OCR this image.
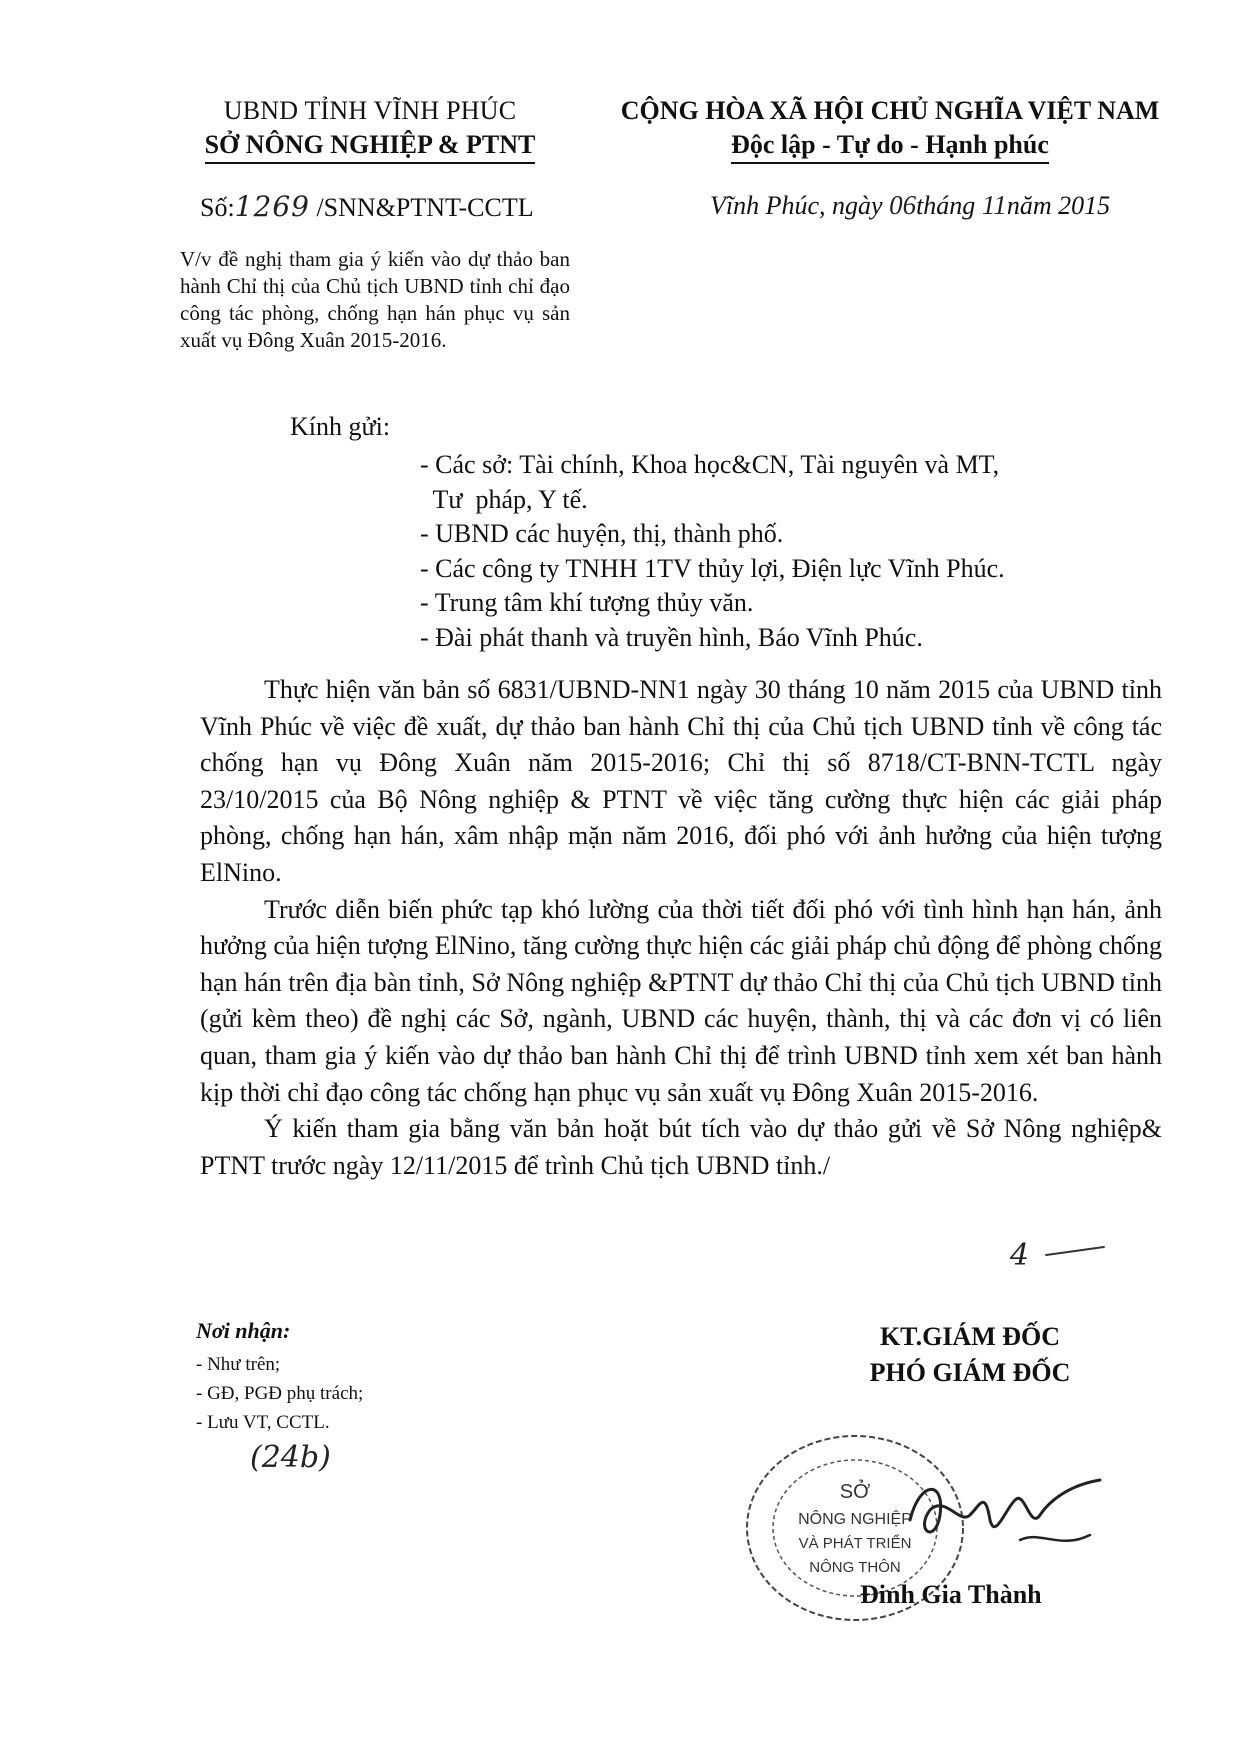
UBND TỈNH VĨNH PHÚC
SỞ NÔNG NGHIỆP & PTNT
CỘNG HÒA XÃ HỘI CHỦ NGHĨA VIỆT NAM
Độc lập - Tự do - Hạnh phúc
Số:1269 /SNN&PTNT-CCTL	Vĩnh Phúc, ngày 06tháng 11năm 2015
V/v đề nghị tham gia ý kiến vào dự thảo ban hành Chỉ thị của Chủ tịch UBND tỉnh chỉ đạo công tác phòng, chống hạn hán phục vụ sản xuất vụ Đông Xuân 2015-2016.
Kính gửi:
- Các sở: Tài chính, Khoa học&CN, Tài nguyên và MT,
Tư  pháp, Y tế.
- UBND các huyện, thị, thành phố.
- Các công ty TNHH 1TV thủy lợi, Điện lực Vĩnh Phúc.
- Trung tâm khí tượng thủy văn.
- Đài phát thanh và truyền hình, Báo Vĩnh Phúc.

Thực hiện văn bản số 6831/UBND-NN1 ngày 30 tháng 10 năm 2015 của UBND tỉnh Vĩnh Phúc về việc đề xuất, dự thảo ban hành Chỉ thị của Chủ tịch UBND tỉnh về công tác chống hạn vụ Đông Xuân năm 2015-2016; Chỉ thị số 8718/CT-BNN-TCTL ngày 23/10/2015 của Bộ Nông nghiệp & PTNT về việc tăng cường thực hiện các giải pháp phòng, chống hạn hán, xâm nhập mặn năm 2016, đối phó với ảnh hưởng của hiện tượng ElNino.

Trước diễn biến phức tạp khó lường của thời tiết đối phó với tình hình hạn hán, ảnh hưởng của hiện tượng ElNino, tăng cường thực hiện các giải pháp chủ động để phòng chống hạn hán trên địa bàn tỉnh, Sở Nông nghiệp &PTNT dự thảo Chỉ thị của Chủ tịch UBND tỉnh (gửi kèm theo) đề nghị các Sở, ngành, UBND các huyện, thành, thị và các đơn vị có liên quan, tham gia ý kiến vào dự thảo ban hành Chỉ thị để trình UBND tỉnh xem xét ban hành kịp thời chỉ đạo công tác chống hạn phục vụ sản xuất vụ Đông Xuân 2015-2016.

Ý kiến tham gia bằng văn bản hoặt bút tích vào dự thảo gửi về Sở Nông nghiệp& PTNT trước ngày 12/11/2015 để trình Chủ tịch UBND tỉnh./

4
Nơi nhận:
- Như trên;
- GĐ, PGĐ phụ trách;
- Lưu VT, CCTL.
(24b)
KT.GIÁM ĐỐC
PHÓ GIÁM ĐỐC
SỞ
NÔNG NGHIỆP
VÀ PHÁT TRIỂN
NÔNG THÔN
Đinh Gia Thành
